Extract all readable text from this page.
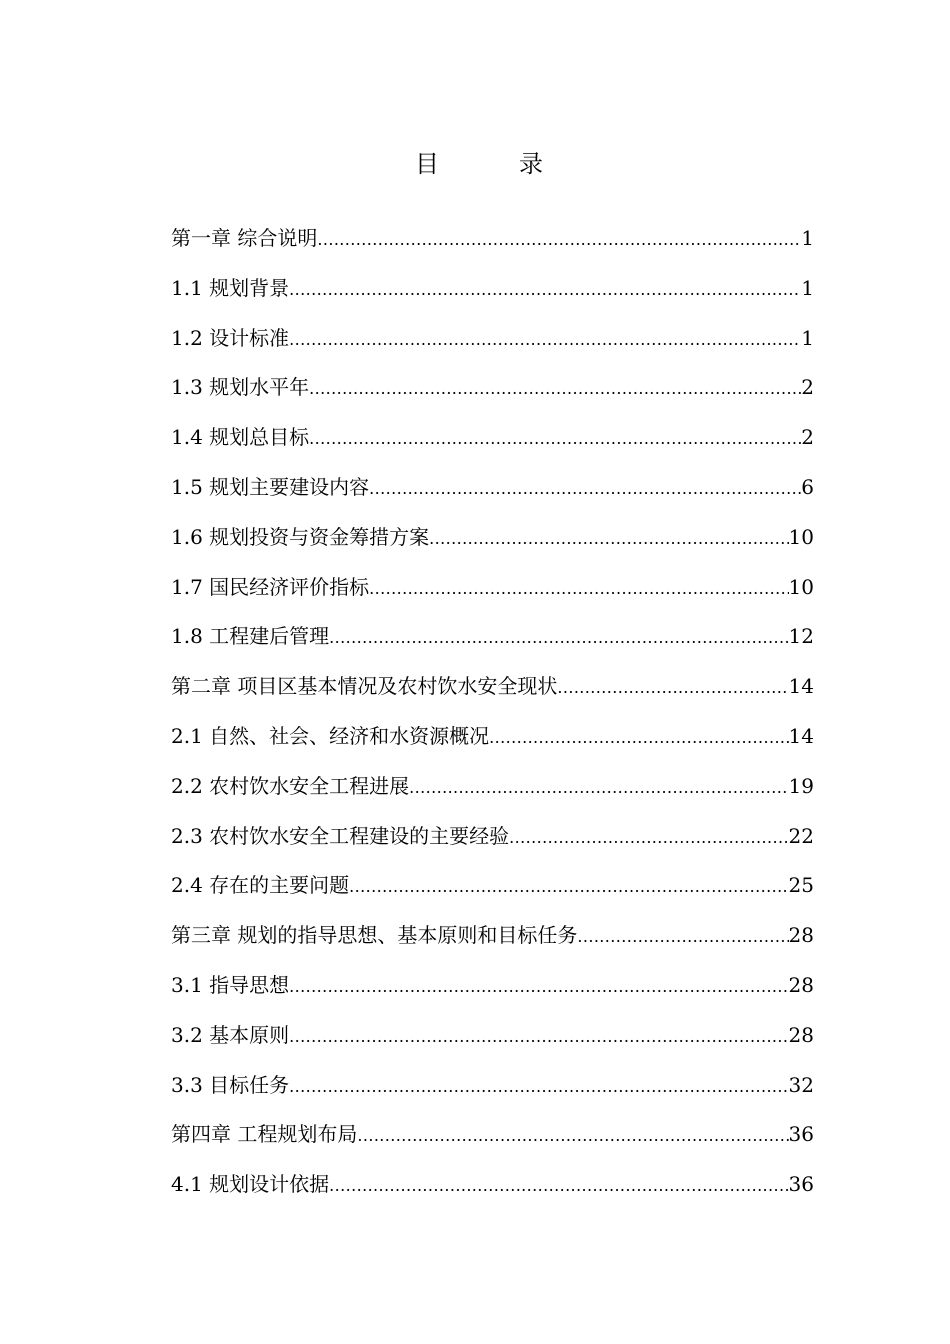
目　录
第一章 综合说明 .....	1
1.1 规划背景 .....	1
1.2 设计标准 .....	1
1.3 规划水平年 .....	2
1.4 规划总目标 .....	2
1.5 规划主要建设内容 .....	6
1.6 规划投资与资金筹措方案 .....	10
1.7 国民经济评价指标 .....	10
1.8 工程建后管理 .....	12
第二章 项目区基本情况及农村饮水安全现状 .....	14
2.1 自然、社会、经济和水资源概况 .....	14
2.2 农村饮水安全工程进展 .....	19
2.3 农村饮水安全工程建设的主要经验 .....	22
2.4 存在的主要问题 .....	25
第三章 规划的指导思想、基本原则和目标任务 .....	28
3.1 指导思想 .....	28
3.2 基本原则 .....	28
3.3 目标任务 .....	32
第四章 工程规划布局 .....	36
4.1 规划设计依据 .....	36
